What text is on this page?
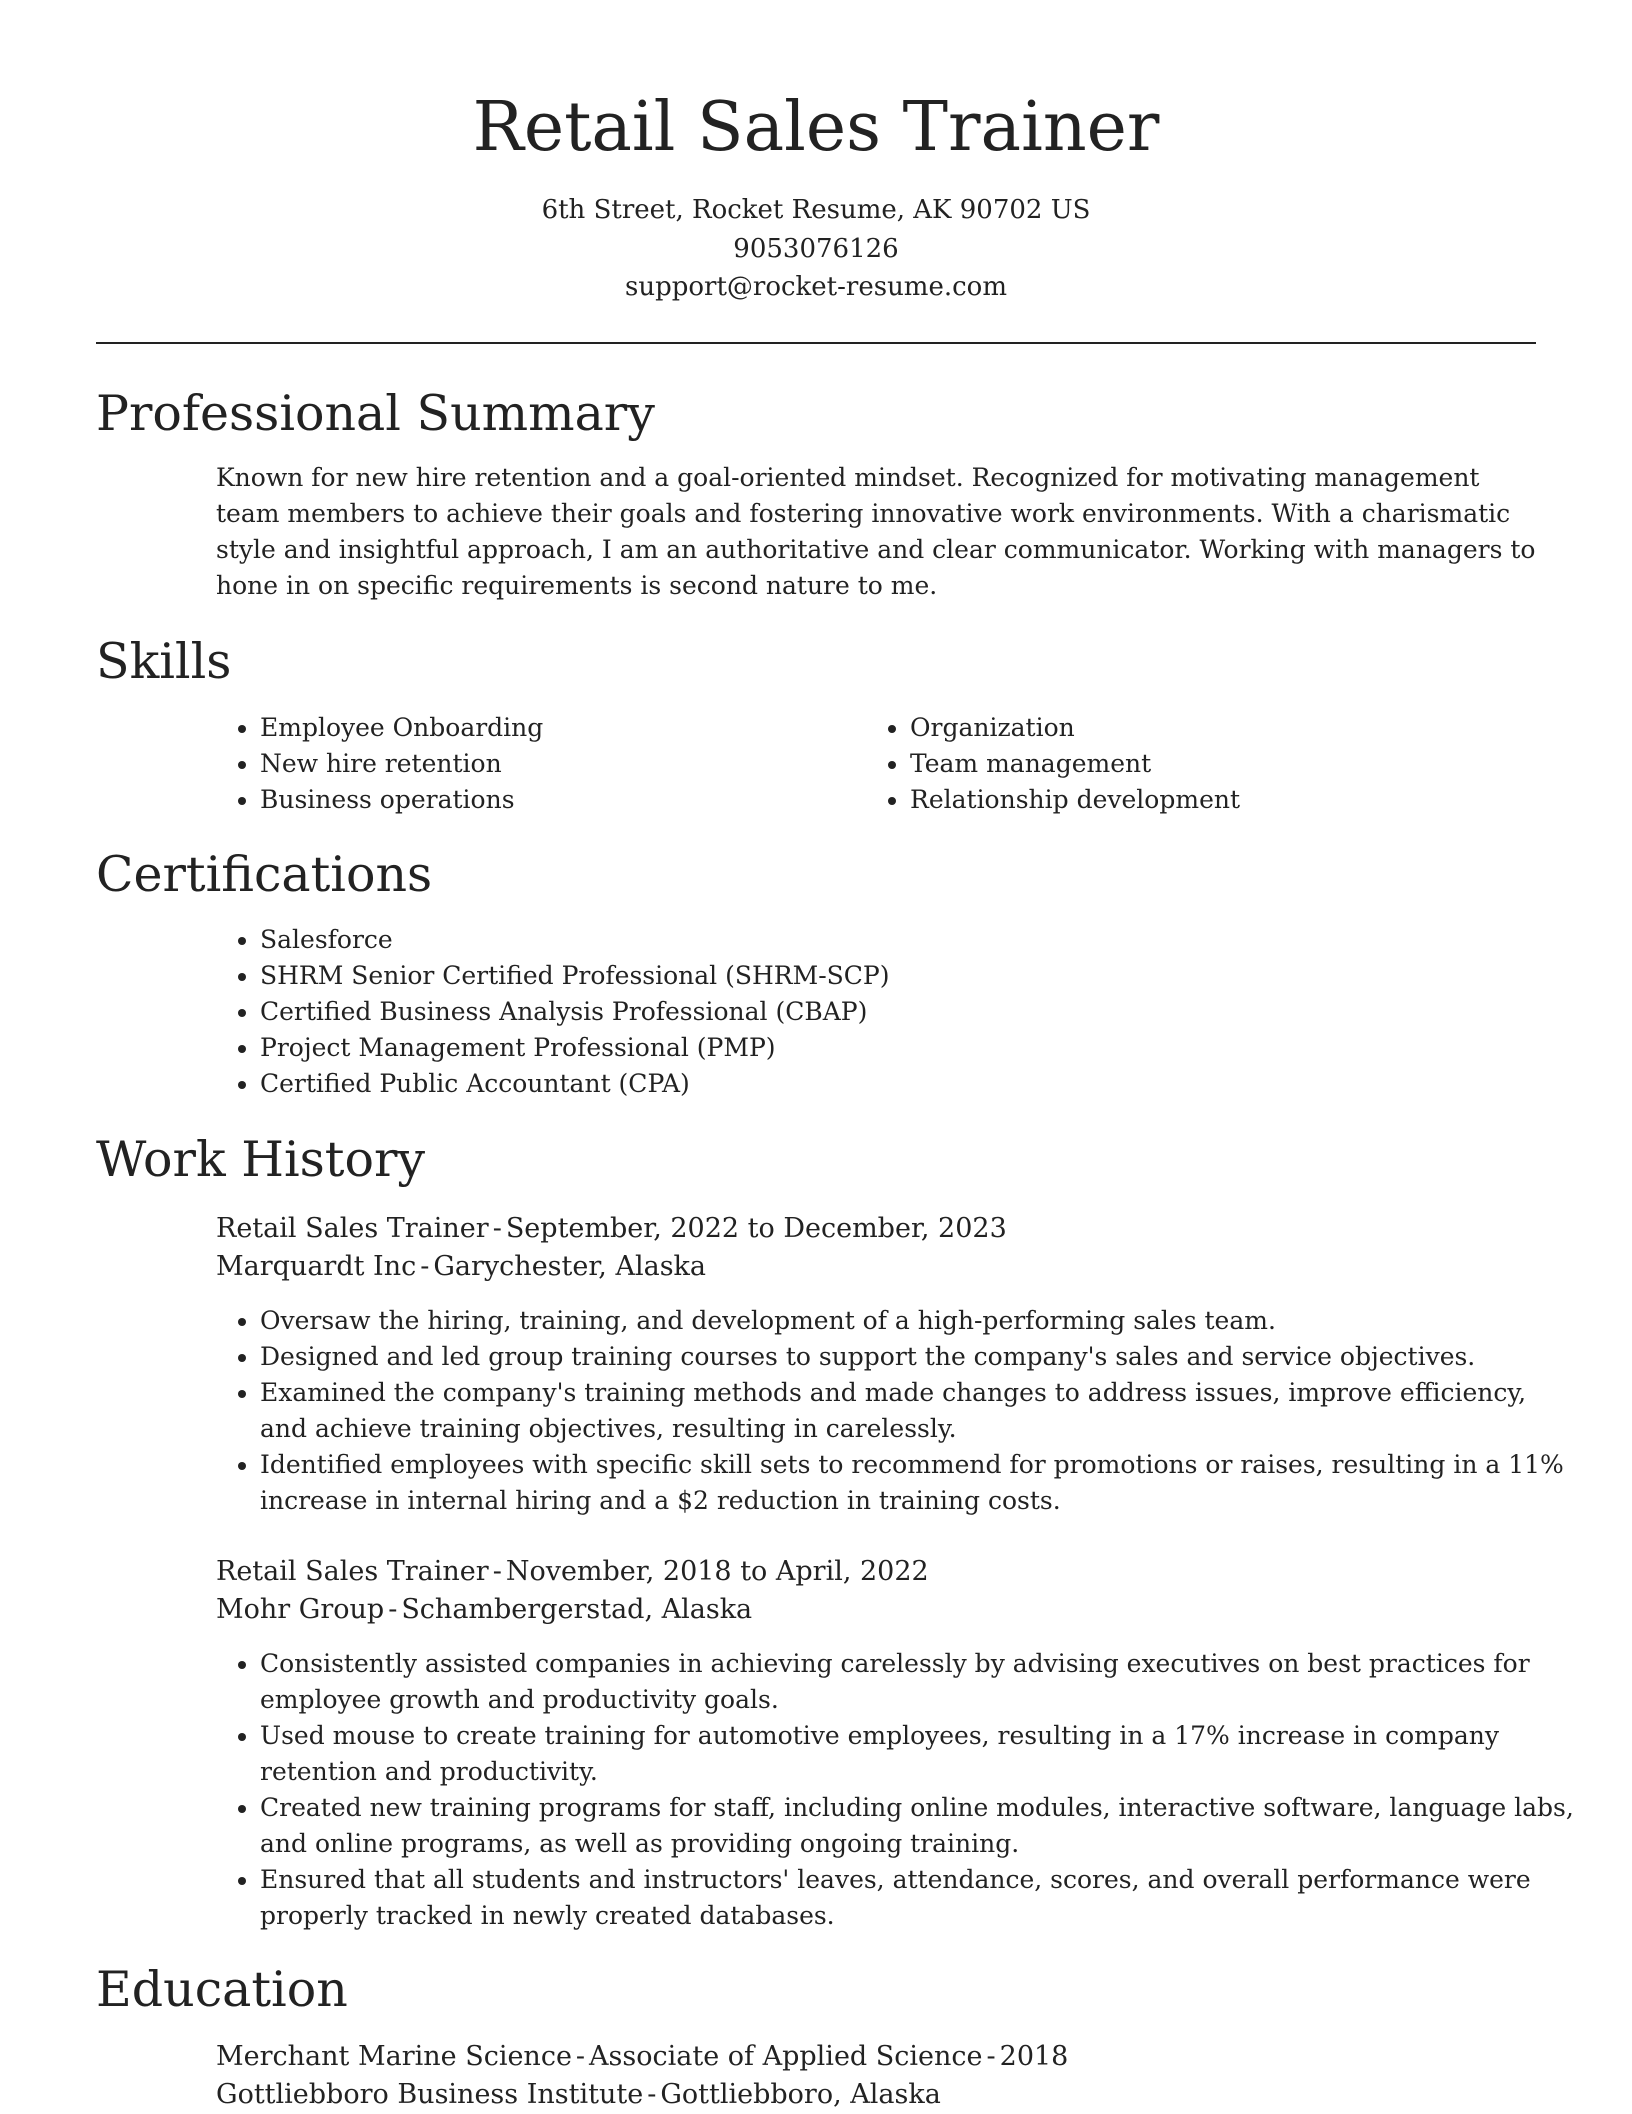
Retail Sales Trainer
6th Street, Rocket Resume, AK 90702 US
9053076126
support@rocket-resume.com
Professional Summary
Known for new hire retention and a goal-oriented mindset. Recognized for motivating management team members to achieve their goals and fostering innovative work environments. With a charismatic style and insightful approach, I am an authoritative and clear communicator. Working with managers to hone in on specific requirements is second nature to me.
Skills
• Employee Onboarding
• New hire retention
• Business operations
• Organization
• Team management
• Relationship development
Certifications
• Salesforce
• SHRM Senior Certified Professional (SHRM-SCP)
• Certified Business Analysis Professional (CBAP)
• Project Management Professional (PMP)
• Certified Public Accountant (CPA)
Work History
Retail Sales Trainer - September, 2022 to December, 2023
Marquardt Inc - Garychester, Alaska
• Oversaw the hiring, training, and development of a high-performing sales team.
• Designed and led group training courses to support the company's sales and service objectives.
• Examined the company's training methods and made changes to address issues, improve efficiency, and achieve training objectives, resulting in carelessly.
• Identified employees with specific skill sets to recommend for promotions or raises, resulting in a 11% increase in internal hiring and a $2 reduction in training costs.
Retail Sales Trainer - November, 2018 to April, 2022
Mohr Group - Schambergerstad, Alaska
• Consistently assisted companies in achieving carelessly by advising executives on best practices for employee growth and productivity goals.
• Used mouse to create training for automotive employees, resulting in a 17% increase in company retention and productivity.
• Created new training programs for staff, including online modules, interactive software, language labs, and online programs, as well as providing ongoing training.
• Ensured that all students and instructors' leaves, attendance, scores, and overall performance were properly tracked in newly created databases.
Education
Merchant Marine Science - Associate of Applied Science - 2018
Gottliebboro Business Institute - Gottliebboro, Alaska
